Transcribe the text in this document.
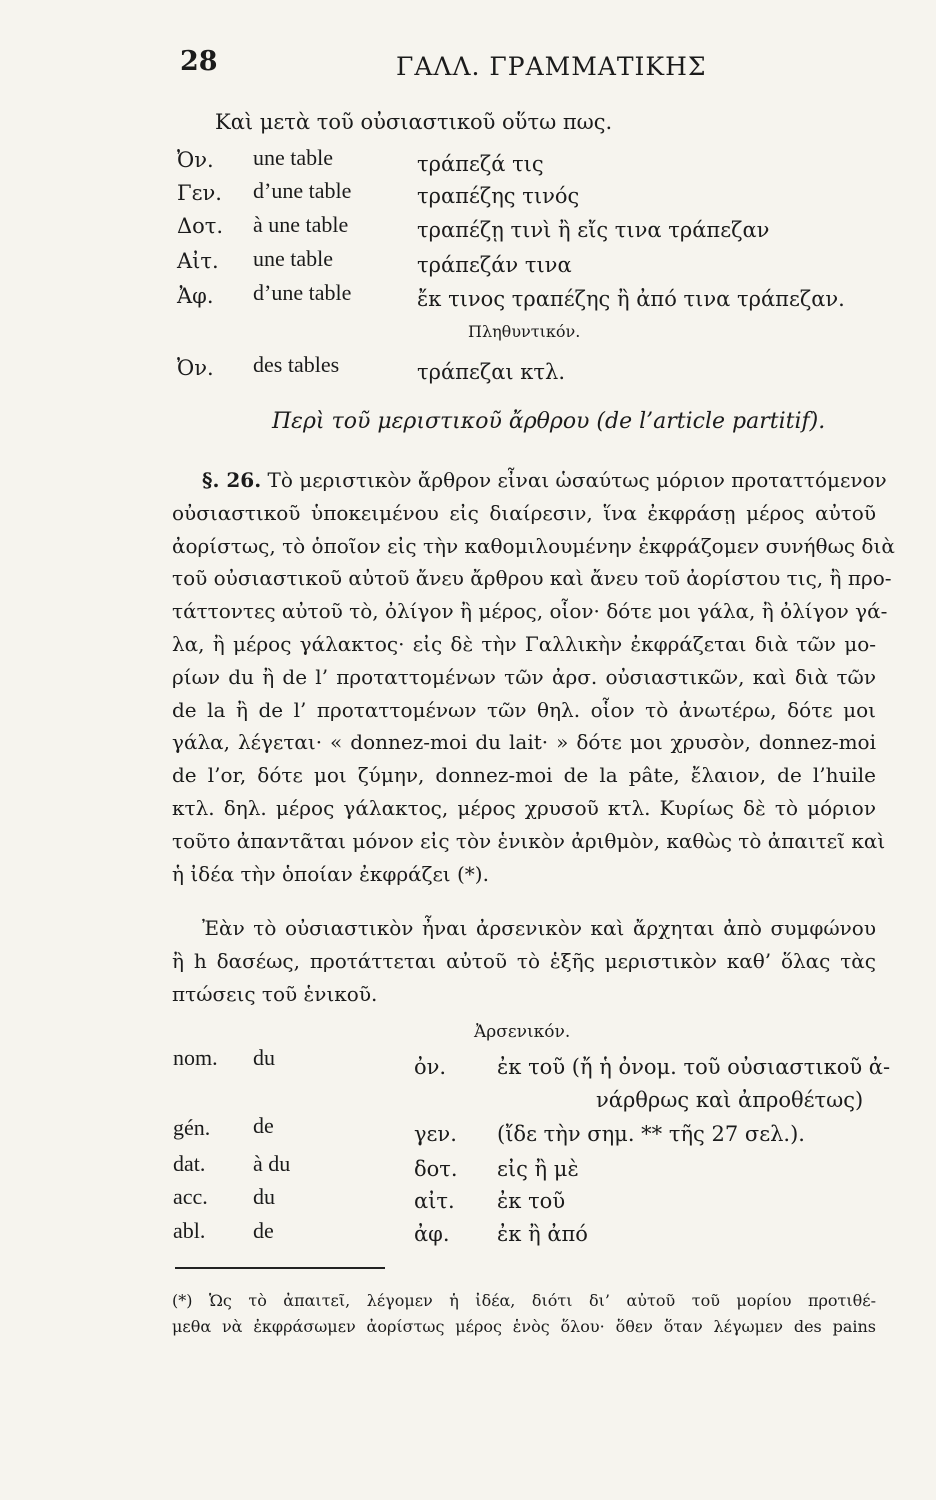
28	ΓΑΛΛ. ΓΡΑΜΜΑΤΙΚΗΣ
Καὶ μετὰ τοῦ οὐσιαστικοῦ οὕτω πως.
Ὀν. une table	τράπεζά τις
Γεν. d’une table	τραπέζης τινός
Δοτ. à une table	τραπέζῃ τινὶ ἢ εἴς τινα τράπεζαν
Αἰτ. une table	τράπεζάν τινα
Ἀφ. d’une table	ἔκ τινος τραπέζης ἢ ἀπό τινα τράπεζαν.
Πληθυντικόν.
Ὀν. des tables	τράπεζαι κτλ.
Περὶ τοῦ μεριστικοῦ ἄρθρου (de l’article partitif).
§. 26. Τὸ μεριστικὸν ἄρθρον εἶναι ὡσαύτως μόριον προταττόμενον
οὐσιαστικοῦ ὑποκειμένου εἰς διαίρεσιν, ἵνα ἐκφράσῃ μέρος αὐτοῦ
ἀορίστως, τὸ ὁποῖον εἰς τὴν καθομιλουμένην ἐκφράζομεν συνήθως διὰ
τοῦ οὐσιαστικοῦ αὐτοῦ ἄνευ ἄρθρου καὶ ἄνευ τοῦ ἀορίστου τις, ἢ προ-
τάττοντες αὐτοῦ τὸ, ὀλίγον ἢ μέρος, οἷον· δότε μοι γάλα, ἢ ὀλίγον γά-
λα, ἢ μέρος γάλακτος· εἰς δὲ τὴν Γαλλικὴν ἐκφράζεται διὰ τῶν μο-
ρίων du ἢ de l’ προταττομένων τῶν ἀρσ. οὐσιαστικῶν, καὶ διὰ τῶν
de la ἢ de l’ προταττομένων τῶν θηλ. οἷον τὸ ἀνωτέρω, δότε μοι
γάλα, λέγεται· « donnez-moi du lait· » δότε μοι χρυσὸν, donnez-moi
de l’or, δότε μοι ζύμην, donnez-moi de la pâte, ἔλαιον, de l’huile
κτλ. δηλ. μέρος γάλακτος, μέρος χρυσοῦ κτλ. Κυρίως δὲ τὸ μόριον
τοῦτο ἀπαντᾶται μόνον εἰς τὸν ἑνικὸν ἀριθμὸν, καθὼς τὸ ἀπαιτεῖ καὶ
ἡ ἰδέα τὴν ὁποίαν ἐκφράζει (*).
Ἐὰν τὸ οὐσιαστικὸν ἦναι ἀρσενικὸν καὶ ἄρχηται ἀπὸ συμφώνου
ἢ h δασέως, προτάττεται αὐτοῦ τὸ ἑξῆς μεριστικὸν καθ’ ὅλας τὰς
πτώσεις τοῦ ἑνικοῦ.
Ἀρσενικόν.
nom. du	ὀν. ἐκ τοῦ (ἤ ἡ ὀνομ. τοῦ οὐσιαστικοῦ ἀ-
νάρθρως καὶ ἀπροθέτως)
gén. de	γεν. (ἴδε τὴν σημ. ** τῆς 27 σελ.).
dat. à du	δοτ. εἰς ἢ μὲ
acc. du	αἰτ. ἐκ τοῦ
abl. de	ἀφ. ἐκ ἢ ἀπό
(*) Ὡς τὸ ἀπαιτεῖ, λέγομεν ἡ ἰδέα, διότι δι’ αὐτοῦ τοῦ μορίου προτιθέ-
μεθα νὰ ἐκφράσωμεν ἀορίστως μέρος ἑνὸς ὅλου· ὅθεν ὅταν λέγωμεν des pains
